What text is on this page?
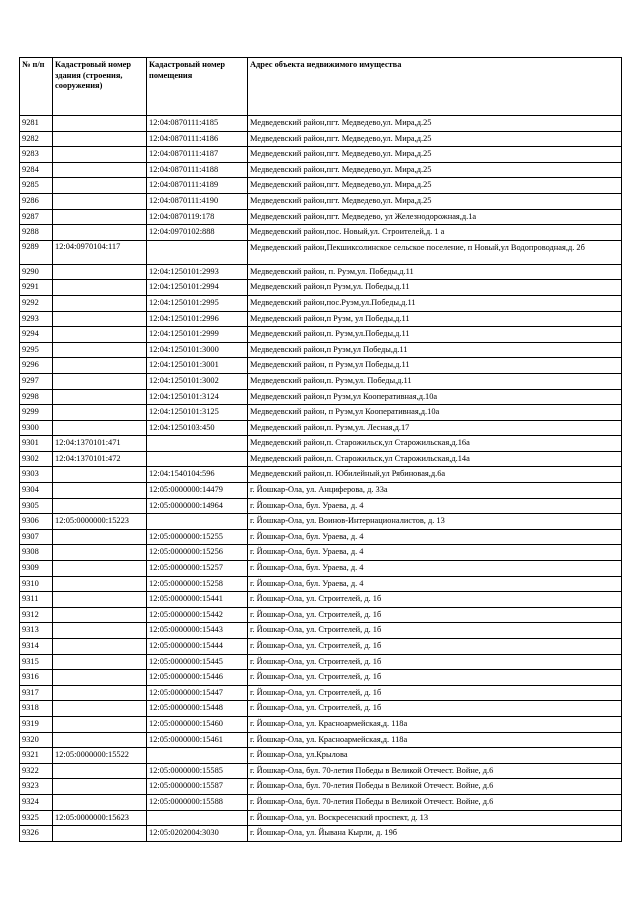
№ п/п	Кадастровый номер здания (строения, сооружения)	Кадастровый номер помещения	Адрес объекта недвижимого имущества
9281		12:04:0870111:4185	Медведевский район,пгт. Медведево,ул. Мира,д.25
9282		12:04:0870111:4186	Медведевский район,пгт. Медведево,ул. Мира,д.25
9283		12:04:0870111:4187	Медведевский район,пгт. Медведево,ул. Мира,д.25
9284		12:04:0870111:4188	Медведевский район,пгт. Медведево,ул. Мира,д.25
9285		12:04:0870111:4189	Медведевский район,пгт. Медведево,ул. Мира,д.25
9286		12:04:0870111:4190	Медведевский район,пгт. Медведево,ул. Мира,д.25
9287		12:04:0870119:178	Медведевский район,пгт. Медведево, ул Железнодорожная,д.1а
9288		12:04:0970102:888	Медведевский район,пос. Новый,ул. Строителей,д. 1 а
9289	12:04:0970104:117		Медведевский район,Пекшиксолинское сельское поселение, п Новый,ул Водопроводная,д. 2б
9290		12:04:1250101:2993	Медведевский район, п. Руэм,ул. Победы,д.11
9291		12:04:1250101:2994	Медведевский район,п Руэм,ул. Победы,д.11
9292		12:04:1250101:2995	Медведевский район,пос.Руэм,ул.Победы,д.11
9293		12:04:1250101:2996	Медведевский район,п Руэм, ул Победы,д.11
9294		12:04:1250101:2999	Медведевский район,п. Руэм,ул.Победы,д.11
9295		12:04:1250101:3000	Медведевский район,п Руэм,ул Победы,д.11
9296		12:04:1250101:3001	Медведевский район, п Руэм,ул Победы,д.11
9297		12:04:1250101:3002	Медведевский район,п. Руэм,ул. Победы,д.11
9298		12:04:1250101:3124	Медведевский район,п Руэм,ул Кооперативная,д.10а
9299		12:04:1250101:3125	Медведевский район, п Руэм,ул Кооперативная,д.10а
9300		12:04:1250103:450	Медведевский район,п. Руэм,ул. Лесная,д.17
9301	12:04:1370101:471		Медведевский район,п. Старожильск,ул Старожильская,д.16а
9302	12:04:1370101:472		Медведевский район,п. Старожильск,ул Старожильская,д.14а
9303		12:04:1540104:596	Медведевский район,п. Юбилейный,ул Рябиновая,д.6а
9304		12:05:0000000:14479	г. Йошкар-Ола, ул. Анциферова, д. 33а
9305		12:05:0000000:14964	г. Йошкар-Ола, бул. Ураева, д. 4
9306	12:05:0000000:15223		г. Йошкар-Ола, ул. Воинов-Интернационалистов, д. 13
9307		12:05:0000000:15255	г. Йошкар-Ола, бул. Ураева, д. 4
9308		12:05:0000000:15256	г. Йошкар-Ола, бул. Ураева, д. 4
9309		12:05:0000000:15257	г. Йошкар-Ола, бул. Ураева, д. 4
9310		12:05:0000000:15258	г. Йошкар-Ола, бул. Ураева, д. 4
9311		12:05:0000000:15441	г. Йошкар-Ола, ул. Строителей, д. 1б
9312		12:05:0000000:15442	г. Йошкар-Ола, ул. Строителей, д. 1б
9313		12:05:0000000:15443	г. Йошкар-Ола, ул. Строителей, д. 1б
9314		12:05:0000000:15444	г. Йошкар-Ола, ул. Строителей, д. 1б
9315		12:05:0000000:15445	г. Йошкар-Ола, ул. Строителей, д. 1б
9316		12:05:0000000:15446	г. Йошкар-Ола, ул. Строителей, д. 1б
9317		12:05:0000000:15447	г. Йошкар-Ола, ул. Строителей, д. 1б
9318		12:05:0000000:15448	г. Йошкар-Ола, ул. Строителей, д. 1б
9319		12:05:0000000:15460	г. Йошкар-Ола, ул. Красноармейская,д. 118а
9320		12:05:0000000:15461	г. Йошкар-Ола, ул. Красноармейская,д. 118а
9321	12:05:0000000:15522		г. Йошкар-Ола, ул.Крылова
9322		12:05:0000000:15585	г. Йошкар-Ола, бул. 70-летия Победы в Великой Отечест. Войне, д.6
9323		12:05:0000000:15587	г. Йошкар-Ола, бул. 70-летия Победы в Великой Отечест. Войне, д.6
9324		12:05:0000000:15588	г. Йошкар-Ола, бул. 70-летия Победы в Великой Отечест. Войне, д.6
9325	12:05:0000000:15623		г. Йошкар-Ола, ул. Воскресенский проспект, д. 13
9326		12:05:0202004:3030	г. Йошкар-Ола, ул. Йывана Кырли, д. 19б
